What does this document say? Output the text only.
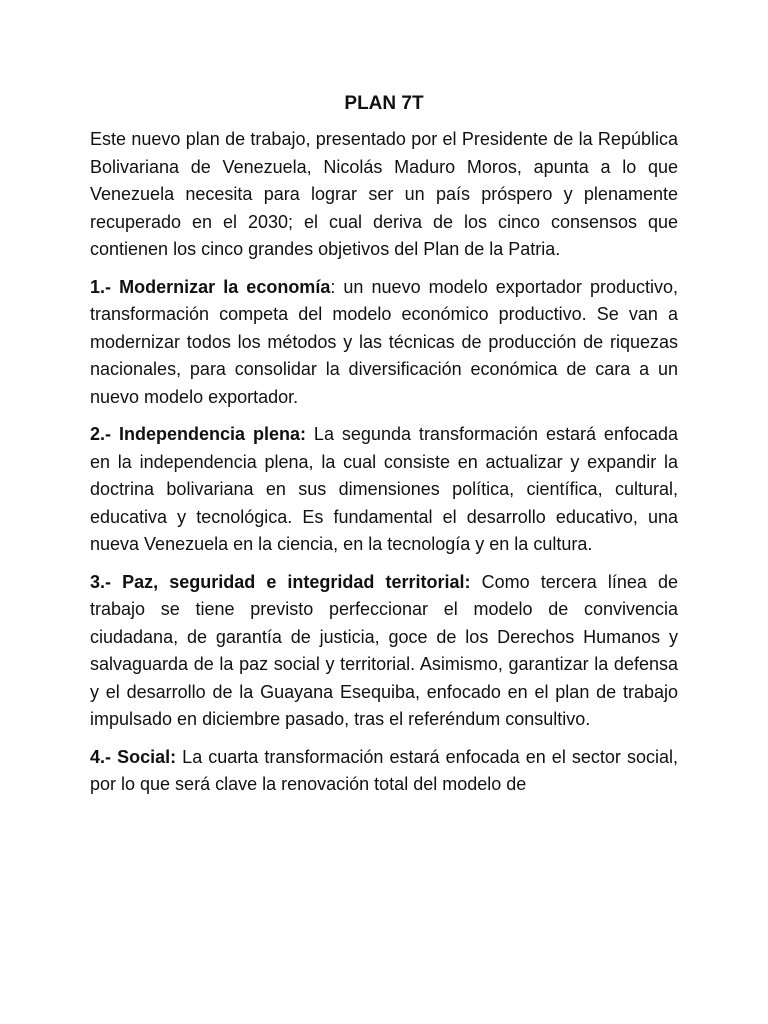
PLAN 7T

Este nuevo plan de trabajo, presentado por el Presidente de la República Bolivariana de Venezuela, Nicolás Maduro Moros, apunta a lo que Venezuela necesita para lograr ser un país próspero y plenamente recuperado en el 2030; el cual deriva de los cinco consensos que contienen los cinco grandes objetivos del Plan de la Patria.

1.- Modernizar la economía: un nuevo modelo exportador productivo, transformación competa del modelo económico productivo. Se van a modernizar todos los métodos y las técnicas de producción de riquezas nacionales, para consolidar la diversificación económica de cara a un nuevo modelo exportador.

2.- Independencia plena: La segunda transformación estará enfocada en la independencia plena, la cual consiste en actualizar y expandir la doctrina bolivariana en sus dimensiones política, científica, cultural, educativa y tecnológica. Es fundamental el desarrollo educativo, una nueva Venezuela en la ciencia, en la tecnología y en la cultura.

3.- Paz, seguridad e integridad territorial: Como tercera línea de trabajo se tiene previsto perfeccionar el modelo de convivencia ciudadana, de garantía de justicia, goce de los Derechos Humanos y salvaguarda de la paz social y territorial. Asimismo, garantizar la defensa y el desarrollo de la Guayana Esequiba, enfocado en el plan de trabajo impulsado en diciembre pasado, tras el referéndum consultivo.

4.- Social: La cuarta transformación estará enfocada en el sector social, por lo que será clave la renovación total del modelo de
